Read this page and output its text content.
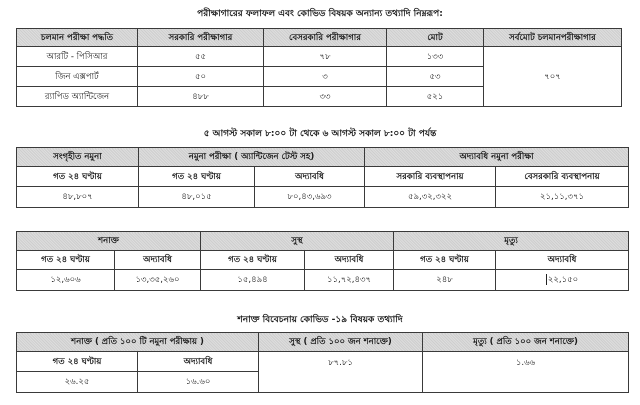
পরীক্ষাগারের ফলাফল এবং কোভিড বিষয়ক অন্যান্য তথ্যাদি নিম্নরূপ:
চলমান পরীক্ষা পদ্ধতি	সরকারি পরীক্ষাগার	বেসরকারি পরীক্ষাগার	মোট	সর্বমোট চলমানপরীক্ষাগার
আরটি - পিসিআর	৫৫	৭৮	১৩৩	৭০৭
জিন এক্সপার্ট	৫০	৩	৫৩	
র‍্যাপিড অ্যান্টিজেন	৪৮৮	৩৩	৫২১	
৫ আগস্ট সকাল ৮:০০ টা থেকে ৬ আগস্ট সকাল ৮:০০ টা পর্যন্ত
সংগৃহীত নমুনা	নমুনা পরীক্ষা ( অ্যান্টিজেন টেস্ট সহ)		অদ্যাবধি নমুনা পরীক্ষা	
গত ২৪ ঘণ্টায়	গত ২৪ ঘণ্টায়	অদ্যাবধি	সরকারি ব্যবস্থাপনায়	বেসরকারি ব্যবস্থাপনায়
৪৮,৮০৭	৪৮,০১৫	৮০,৪৩,৬৯৩	৫৯,৩২,৩২২	২১,১১,৩৭১
শনাক্ত		সুস্থ		মৃত্যু	
গত ২৪ ঘণ্টায়	অদ্যাবধি	গত ২৪ ঘণ্টায়	অদ্যাবধি	গত ২৪ ঘণ্টায়	অদ্যাবধি
১২,৬০৬	১৩,৩৫,২৬০	১৫,৪৯৪	১১,৭২,৪৩৭	২৪৮	২২,১৫০
শনাক্ত বিবেচনায় কোভিড -১৯ বিষয়ক তথ্যাদি
শনাক্ত ( প্রতি ১০০ টি নমুনা পরীক্ষায় )		সুস্থ ( প্রতি ১০০ জন শনাক্তে)	মৃত্যু ( প্রতি ১০০ জন শনাক্তে)
গত ২৪ ঘণ্টায়	অদ্যাবধি	৮৭.৮১	১.৬৬
২৬.২৫	১৬.৬০		
